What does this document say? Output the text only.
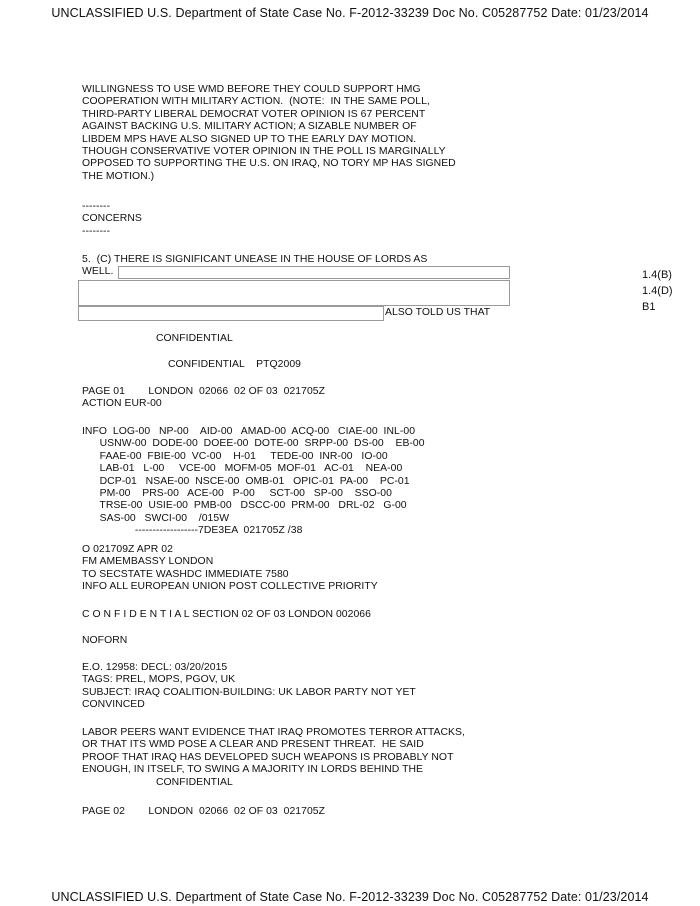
UNCLASSIFIED U.S. Department of State Case No. F-2012-33239 Doc No. C05287752 Date: 01/23/2014
WILLINGNESS TO USE WMD BEFORE THEY COULD SUPPORT HMG
COOPERATION WITH MILITARY ACTION.  (NOTE:  IN THE SAME POLL,
THIRD-PARTY LIBERAL DEMOCRAT VOTER OPINION IS 67 PERCENT
AGAINST BACKING U.S. MILITARY ACTION; A SIZABLE NUMBER OF
LIBDEM MPS HAVE ALSO SIGNED UP TO THE EARLY DAY MOTION.
THOUGH CONSERVATIVE VOTER OPINION IN THE POLL IS MARGINALLY
OPPOSED TO SUPPORTING THE U.S. ON IRAQ, NO TORY MP HAS SIGNED
THE MOTION.)
--------
CONCERNS
--------
5.  (C) THERE IS SIGNIFICANT UNEASE IN THE HOUSE OF LORDS AS
WELL.
ALSO TOLD US THAT
1.4(B)
1.4(D)
B1
CONFIDENTIAL
CONFIDENTIAL    PTQ2009
PAGE 01        LONDON  02066  02 OF 03  021705Z
ACTION EUR-00
INFO  LOG-00   NP-00    AID-00   AMAD-00  ACQ-00   CIAE-00  INL-00
USNW-00  DODE-00  DOEE-00  DOTE-00  SRPP-00  DS-00    EB-00
FAAE-00  FBIE-00  VC-00    H-01     TEDE-00  INR-00   IO-00
LAB-01   L-00     VCE-00   MOFM-05  MOF-01   AC-01    NEA-00
DCP-01   NSAE-00  NSCE-00  OMB-01   OPIC-01  PA-00    PC-01
PM-00    PRS-00   ACE-00   P-00     SCT-00   SP-00    SSO-00
TRSE-00  USIE-00  PMB-00   DSCC-00  PRM-00   DRL-02   G-00
SAS-00   SWCI-00    /015W
------------------7DE3EA  021705Z /38
O 021709Z APR 02
FM AMEMBASSY LONDON
TO SECSTATE WASHDC IMMEDIATE 7580
INFO ALL EUROPEAN UNION POST COLLECTIVE PRIORITY
C O N F I D E N T I A L SECTION 02 OF 03 LONDON 002066
NOFORN
E.O. 12958: DECL: 03/20/2015
TAGS: PREL, MOPS, PGOV, UK
SUBJECT: IRAQ COALITION-BUILDING: UK LABOR PARTY NOT YET
CONVINCED
LABOR PEERS WANT EVIDENCE THAT IRAQ PROMOTES TERROR ATTACKS,
OR THAT ITS WMD POSE A CLEAR AND PRESENT THREAT.  HE SAID
PROOF THAT IRAQ HAS DEVELOPED SUCH WEAPONS IS PROBABLY NOT
ENOUGH, IN ITSELF, TO SWING A MAJORITY IN LORDS BEHIND THE
CONFIDENTIAL
PAGE 02        LONDON  02066  02 OF 03  021705Z
UNCLASSIFIED U.S. Department of State Case No. F-2012-33239 Doc No. C05287752 Date: 01/23/2014
